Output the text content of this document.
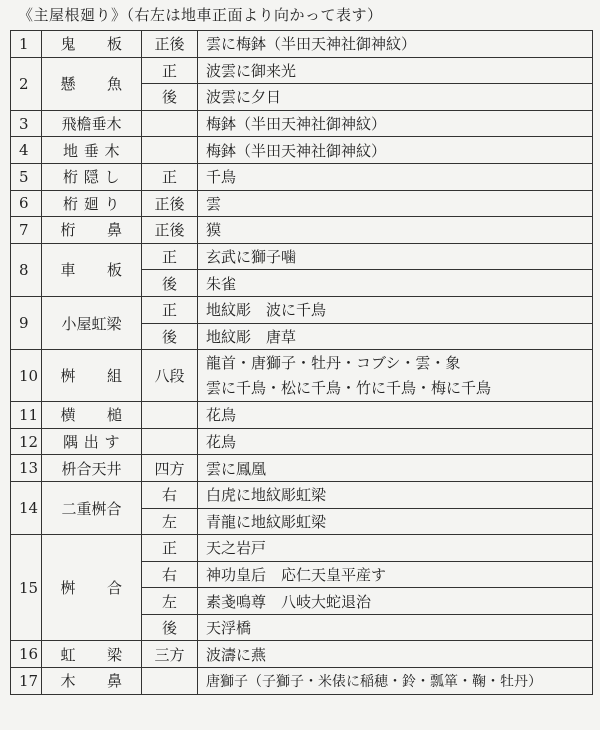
《主屋根廻り》（右左は地車正面より向かって表す）
1	鬼　　板	正後	雲に梅鉢（半田天神社御神紋）
2	懸　　魚	正	波雲に御来光
		後	波雲に夕日
3	飛檐垂木		梅鉢（半田天神社御神紋）
4	地 垂 木		梅鉢（半田天神社御神紋）
5	桁 隠 し	正	千鳥
6	桁 廻 り	正後	雲
7	桁　　鼻	正後	獏
8	車　　板	正	玄武に獅子噛
		後	朱雀
9	小屋虹梁	正	地紋彫　波に千鳥
		後	地紋彫　唐草
10	桝　　組	八段	龍首・唐獅子・牡丹・コブシ・雲・象
雲に千鳥・松に千鳥・竹に千鳥・梅に千鳥

11	横　　槌		花鳥
12	隅 出 す		花鳥
13	枡合天井	四方	雲に鳳凰
14	二重桝合	右	白虎に地紋彫虹梁
		左	青龍に地紋彫虹梁
15	桝　　合	正	天之岩戸
		右	神功皇后　応仁天皇平産す
		左	素戔鳴尊　八岐大蛇退治
		後	天浮橋
16	虹　　梁	三方	波濤に燕
17	木　　鼻		唐獅子（子獅子・米俵に稲穂・鈴・瓢箪・鞠・牡丹）
